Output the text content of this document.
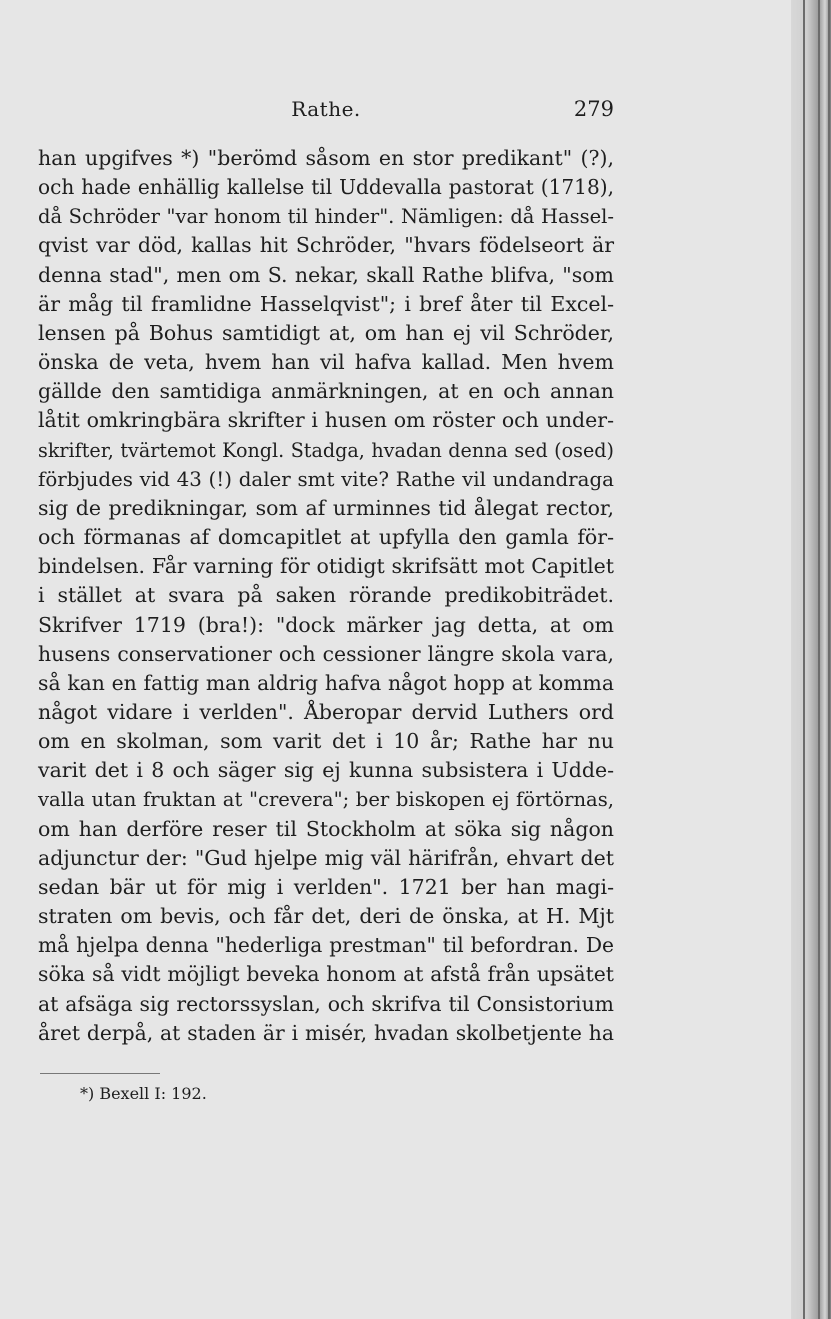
Rathe.	279
han upgifves *) "berömd såsom en stor predikant" (?),
och hade enhällig kallelse til Uddevalla pastorat (1718),
då Schröder "var honom til hinder". Nämligen: då Hassel-
qvist var död, kallas hit Schröder, "hvars födelseort är
denna stad", men om S. nekar, skall Rathe blifva, "som
är måg til framlidne Hasselqvist"; i bref åter til Excel-
lensen på Bohus samtidigt at, om han ej vil Schröder,
önska de veta, hvem han vil hafva kallad. Men hvem
gällde den samtidiga anmärkningen, at en och annan
låtit omkringbära skrifter i husen om röster och under-
skrifter, tvärtemot Kongl. Stadga, hvadan denna sed (osed)
förbjudes vid 43 (!) daler smt vite? Rathe vil undandraga
sig de predikningar, som af urminnes tid ålegat rector,
och förmanas af domcapitlet at upfylla den gamla för-
bindelsen. Får varning för otidigt skrifsätt mot Capitlet
i stället at svara på saken rörande predikobiträdet.
Skrifver 1719 (bra!): "dock märker jag detta, at om
husens conservationer och cessioner längre skola vara,
så kan en fattig man aldrig hafva något hopp at komma
något vidare i verlden". Åberopar dervid Luthers ord
om en skolman, som varit det i 10 år; Rathe har nu
varit det i 8 och säger sig ej kunna subsistera i Udde-
valla utan fruktan at "crevera"; ber biskopen ej förtörnas,
om han derföre reser til Stockholm at söka sig någon
adjunctur der: "Gud hjelpe mig väl härifrån, ehvart det
sedan bär ut för mig i verlden". 1721 ber han magi-
straten om bevis, och får det, deri de önska, at H. Mjt
må hjelpa denna "hederliga prestman" til befordran. De
söka så vidt möjligt beveka honom at afstå från upsätet
at afsäga sig rectorssyslan, och skrifva til Consistorium
året derpå, at staden är i misér, hvadan skolbetjente ha
*) Bexell I: 192.
